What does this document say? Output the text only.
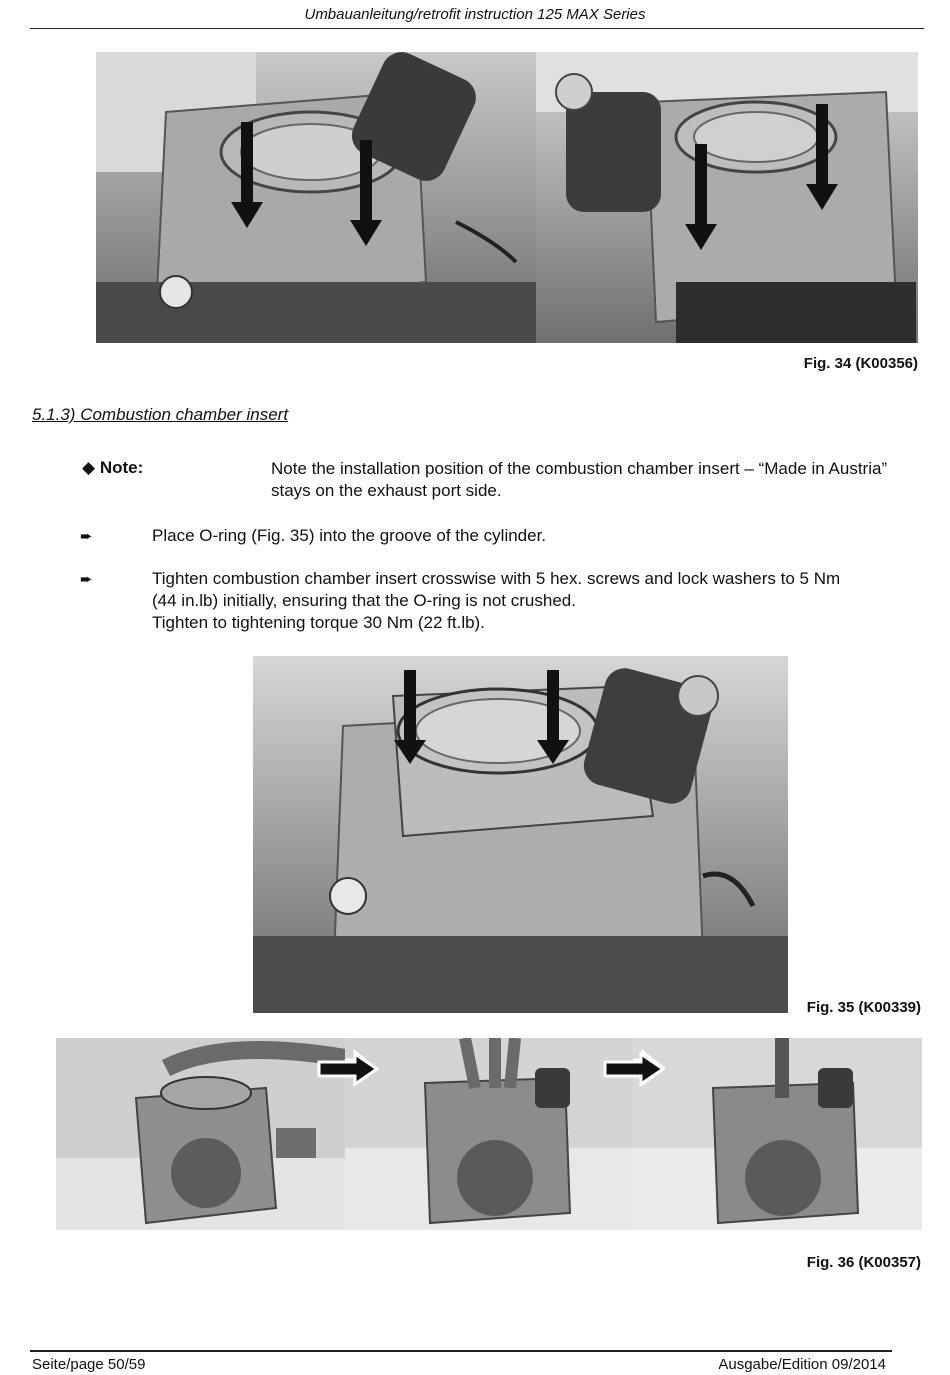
Umbauanleitung/retrofit instruction 125 MAX Series
Fig. 34 (K00356)
5.1.3) Combustion chamber insert
◆ Note:	Note the installation position of the combustion chamber insert – “Made in Austria” stays on the exhaust port side.
➨	Place O-ring (Fig. 35) into the groove of the cylinder.
➨	Tighten combustion chamber insert crosswise with 5 hex. screws and lock washers to 5 Nm
(44 in.lb) initially, ensuring that the O-ring is not crushed.
Tighten to tightening torque 30 Nm (22 ft.lb).
Fig. 35 (K00339)
Fig. 36 (K00357)
Seite/page 50/59	Ausgabe/Edition 09/2014
